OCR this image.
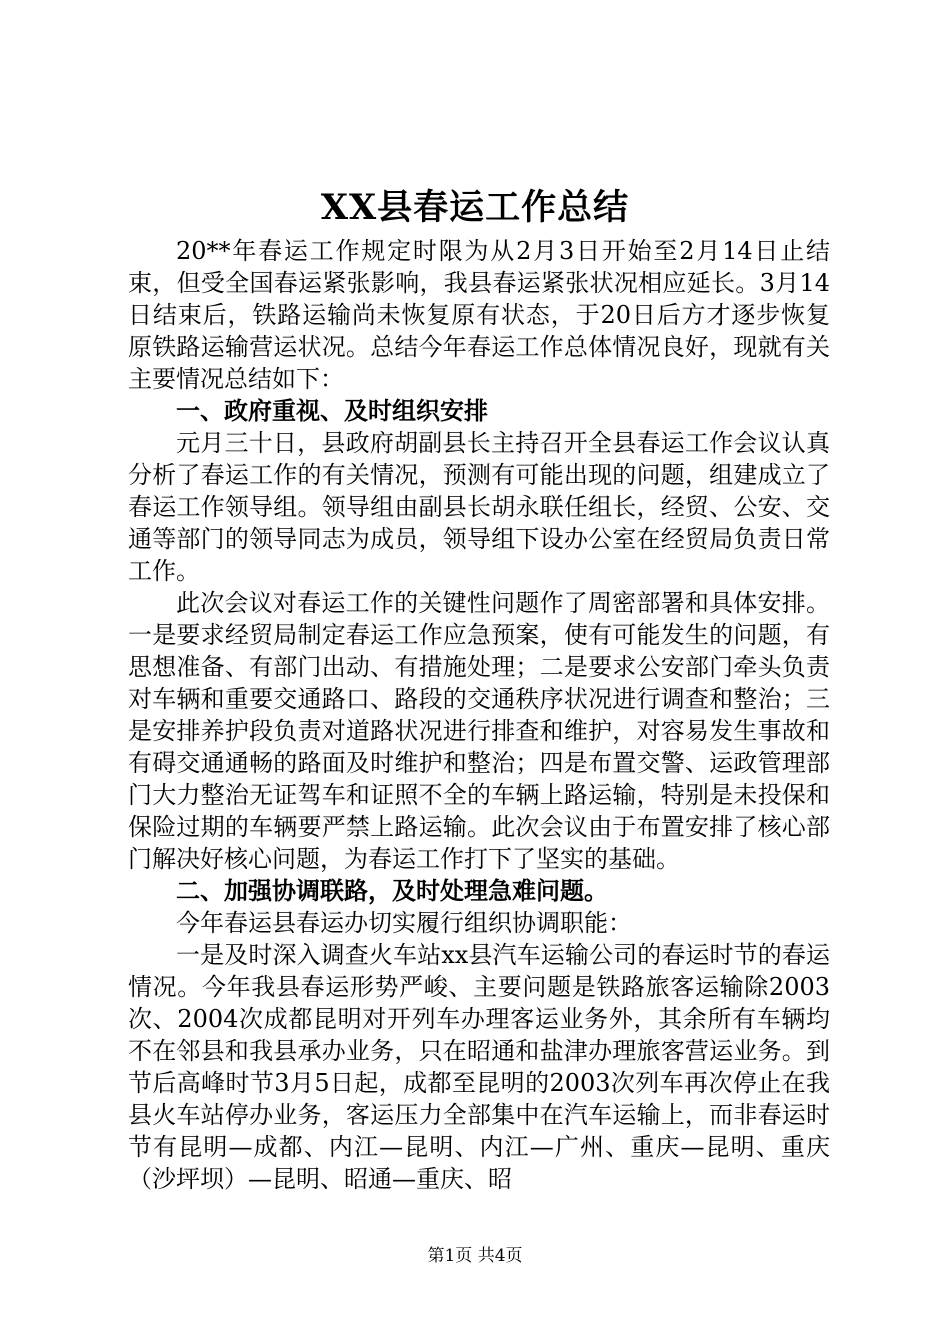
XX县春运工作总结

20**年春运工作规定时限为从2月3日开始至2月14日止结束，但受全国春运紧张影响，我县春运紧张状况相应延长。3月14日结束后，铁路运输尚未恢复原有状态，于20日后方才逐步恢复原铁路运输营运状况。总结今年春运工作总体情况良好，现就有关主要情况总结如下：

一、政府重视、及时组织安排

元月三十日，县政府胡副县长主持召开全县春运工作会议认真分析了春运工作的有关情况，预测有可能出现的问题，组建成立了春运工作领导组。领导组由副县长胡永联任组长，经贸、公安、交通等部门的领导同志为成员，领导组下设办公室在经贸局负责日常工作。

此次会议对春运工作的关键性问题作了周密部署和具体安排。一是要求经贸局制定春运工作应急预案，使有可能发生的问题，有思想准备、有部门出动、有措施处理；二是要求公安部门牵头负责对车辆和重要交通路口、路段的交通秩序状况进行调查和整治；三是安排养护段负责对道路状况进行排查和维护，对容易发生事故和有碍交通通畅的路面及时维护和整治；四是布置交警、运政管理部门大力整治无证驾车和证照不全的车辆上路运输，特别是未投保和保险过期的车辆要严禁上路运输。此次会议由于布置安排了核心部门解决好核心问题，为春运工作打下了坚实的基础。

二、加强协调联路，及时处理急难问题。

今年春运县春运办切实履行组织协调职能：

一是及时深入调查火车站xx县汽车运输公司的春运时节的春运情况。今年我县春运形势严峻、主要问题是铁路旅客运输除2003次、2004次成都昆明对开列车办理客运业务外，其余所有车辆均不在邻县和我县承办业务，只在昭通和盐津办理旅客营运业务。到节后高峰时节3月5日起，成都至昆明的2003次列车再次停止在我县火车站停办业务，客运压力全部集中在汽车运输上，而非春运时节有昆明—成都、内江—昆明、内江—广州、重庆—昆明、重庆（沙坪坝）—昆明、昭通—重庆、昭

第1页 共4页
